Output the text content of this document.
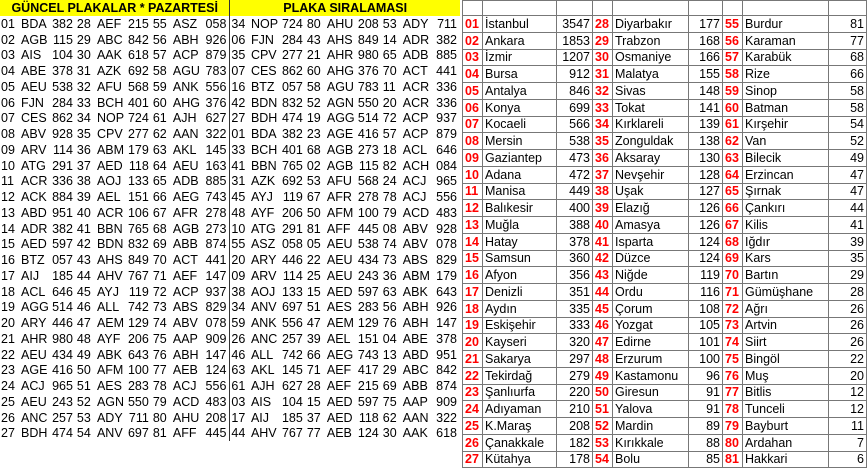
GÜNCEL PLAKALAR * PAZARTESİ									PLAKA SIRALAMASI								
01	BDA	382	28	AEF	215	55	ASZ	058	34	NOP	724	80	AHU	208	53	ADY	711
02	AGB	115	29	ABC	842	56	ABH	926	06	FJN	284	43	AHS	849	14	ADR	382
03	AIS	104	30	AAK	618	57	ACP	879	35	CPV	277	21	AHR	980	65	ADB	885
04	ABE	378	31	AZK	692	58	AGU	783	07	CES	862	60	AHG	376	70	ACT	441
05	AEU	538	32	AFU	568	59	ANK	556	16	BTZ	057	58	AGU	783	11	ACR	336
06	FJN	284	33	BCH	401	60	AHG	376	42	BDN	832	52	AGN	550	20	ACR	336
07	CES	862	34	NOP	724	61	AJH	627	27	BDH	474	19	AGG	514	72	ACP	937
08	ABV	928	35	CPV	277	62	AAN	322	01	BDA	382	23	AGE	416	57	ACP	879
09	ARV	114	36	ABM	179	63	AKL	145	33	BCH	401	68	AGB	273	18	ACL	646
10	ATG	291	37	AED	118	64	AEU	163	41	BBN	765	02	AGB	115	82	ACH	084
11	ACR	336	38	AOJ	133	65	ADB	885	31	AZK	692	53	AFU	568	24	ACJ	965
12	ACK	884	39	AEL	151	66	AEG	743	45	AYJ	119	67	AFR	278	78	ACJ	556
13	ABD	951	40	ACR	106	67	AFR	278	48	AYF	206	50	AFM	100	79	ACD	483
14	ADR	382	41	BBN	765	68	AGB	273	10	ATG	291	81	AFF	445	08	ABV	928
15	AED	597	42	BDN	832	69	ABB	874	55	ASZ	058	05	AEU	538	74	ABV	078
16	BTZ	057	43	AHS	849	70	ACT	441	20	ARY	446	22	AEU	434	73	ABS	829
17	AIJ	185	44	AHV	767	71	AEF	147	09	ARV	114	25	AEU	243	36	ABM	179
18	ACL	646	45	AYJ	119	72	ACP	937	38	AOJ	133	15	AED	597	63	ABK	643
19	AGG	514	46	ALL	742	73	ABS	829	34	ANV	697	51	AES	283	56	ABH	926
20	ARY	446	47	AEM	129	74	ABV	078	59	ANK	556	47	AEM	129	76	ABH	147
21	AHR	980	48	AYF	206	75	AAP	909	26	ANC	257	39	AEL	151	04	ABE	378
22	AEU	434	49	ABK	643	76	ABH	147	46	ALL	742	66	AEG	743	13	ABD	951
23	AGE	416	50	AFM	100	77	AEB	124	63	AKL	145	71	AEF	417	29	ABC	842
24	ACJ	965	51	AES	283	78	ACJ	556	61	AJH	627	28	AEF	215	69	ABB	874
25	AEU	243	52	AGN	550	79	ACD	483	03	AIS	104	15	AED	597	75	AAP	909
26	ANC	257	53	ADY	711	80	AHU	208	17	AIJ	185	37	AED	118	62	AAN	322
27	BDH	474	54	ANV	697	81	AFF	445	44	AHV	767	77	AEB	124	30	AAK	618

01	İstanbul	3547	28	Diyarbakır	177	55	Burdur	81
02	Ankara	1853	29	Trabzon	168	56	Karaman	77
03	İzmir	1207	30	Osmaniye	166	57	Karabük	68
04	Bursa	912	31	Malatya	155	58	Rize	66
05	Antalya	846	32	Sivas	148	59	Sinop	58
06	Konya	699	33	Tokat	141	60	Batman	58
07	Kocaeli	566	34	Kırklareli	139	61	Kırşehir	54
08	Mersin	538	35	Zonguldak	138	62	Van	52
09	Gaziantep	473	36	Aksaray	130	63	Bilecik	49
10	Adana	472	37	Nevşehir	128	64	Erzincan	47
11	Manisa	449	38	Uşak	127	65	Şırnak	47
12	Balıkesir	400	39	Elazığ	126	66	Çankırı	44
13	Muğla	388	40	Amasya	126	67	Kilis	41
14	Hatay	378	41	Isparta	124	68	Iğdır	39
15	Samsun	360	42	Düzce	124	69	Kars	35
16	Afyon	356	43	Niğde	119	70	Bartın	29
17	Denizli	351	44	Ordu	116	71	Gümüşhane	28
18	Aydın	335	45	Çorum	108	72	Ağrı	26
19	Eskişehir	333	46	Yozgat	105	73	Artvin	26
20	Kayseri	320	47	Edirne	101	74	Siirt	26
21	Sakarya	297	48	Erzurum	100	75	Bingöl	22
22	Tekirdağ	279	49	Kastamonu	96	76	Muş	20
23	Şanlıurfa	220	50	Giresun	91	77	Bitlis	12
24	Adıyaman	210	51	Yalova	91	78	Tunceli	12
25	K.Maraş	208	52	Mardin	89	79	Bayburt	11
26	Çanakkale	182	53	Kırıkkale	88	80	Ardahan	7
27	Kütahya	178	54	Bolu	85	81	Hakkari	6
